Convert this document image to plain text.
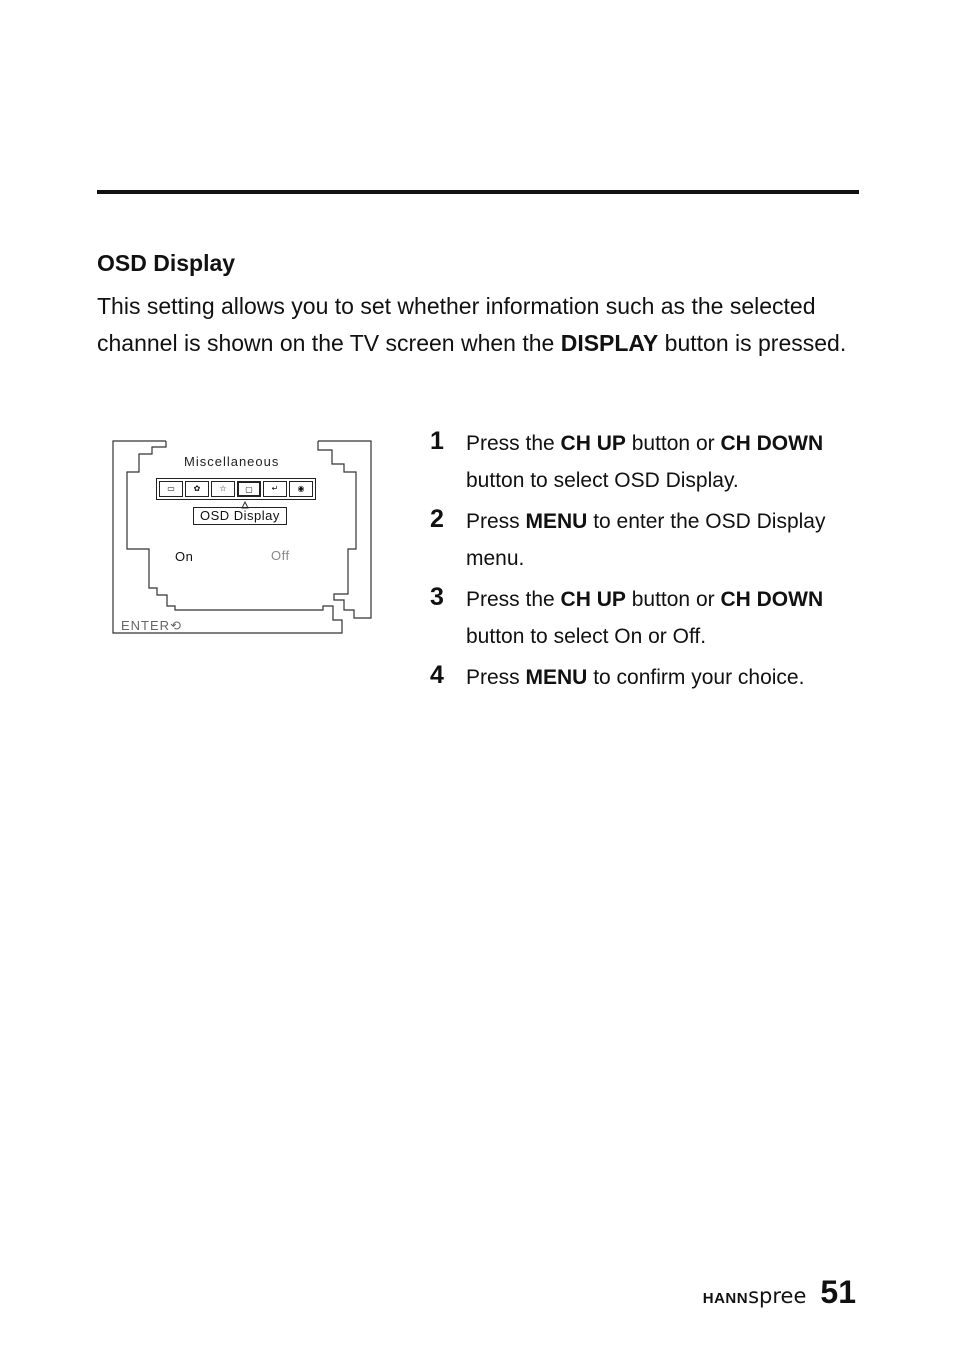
OSD Display

This setting allows you to set whether information such as the selected channel is shown on the TV screen when the DISPLAY button is pressed.

Miscellaneous
▭	✿	☆	▢	↵	◉
OSD Display
On	Off
ENTER⟲
1 Press the CH UP button or CH DOWN button to select OSD Display.
2 Press MENU to enter the OSD Display menu.
3 Press the CH UP button or CH DOWN button to select On or Off.
4 Press MENU to confirm your choice.
HANN spree 51
